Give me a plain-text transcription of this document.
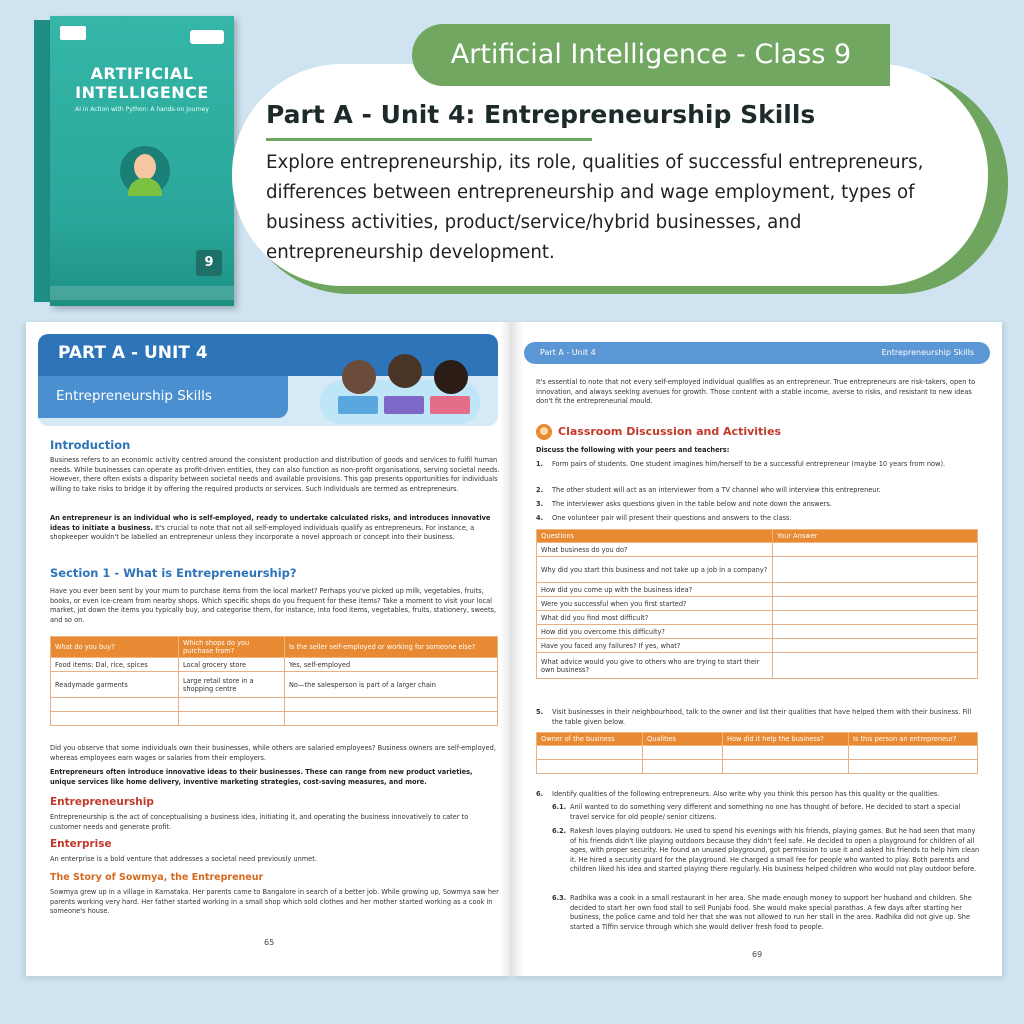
ARTIFICIAL INTELLIGENCE
AI in Action with Python: A hands-on Journey
9
Artificial Intelligence - Class 9
Part A - Unit 4: Entrepreneurship Skills
Explore entrepreneurship, its role, qualities of successful entrepreneurs, differences between entrepreneurship and wage employment, types of business activities, product/service/hybrid businesses, and entrepreneurship development.
PART A - UNIT 4
Entrepreneurship Skills
Introduction
Business refers to an economic activity centred around the consistent production and distribution of goods and services to fulfil human needs. While businesses can operate as profit-driven entities, they can also function as non-profit organisations, serving societal needs. However, there often exists a disparity between societal needs and available provisions. This gap presents opportunities for individuals willing to take risks to bridge it by offering the required products or services. Such individuals are termed as entrepreneurs.
An entrepreneur is an individual who is self-employed, ready to undertake calculated risks, and introduces innovative ideas to initiate a business. It's crucial to note that not all self-employed individuals qualify as entrepreneurs. For instance, a shopkeeper wouldn't be labelled an entrepreneur unless they incorporate a novel approach or concept into their business.
Section 1 - What is Entrepreneurship?
Have you ever been sent by your mum to purchase items from the local market? Perhaps you've picked up milk, vegetables, fruits, books, or even ice-cream from nearby shops. Which specific shops do you frequent for these items? Take a moment to visit your local market, jot down the items you typically buy, and categorise them, for instance, into food items, vegetables, fruits, stationery, sweets, and so on.
What do you buy?	Which shops do you purchase from?	Is the seller self-employed or working for someone else?
Food items: Dal, rice, spices	Local grocery store	Yes, self-employed
Readymade garments	Large retail store in a shopping centre	No—the salesperson is part of a larger chain

Did you observe that some individuals own their businesses, while others are salaried employees? Business owners are self-employed, whereas employees earn wages or salaries from their employers.
Entrepreneurs often introduce innovative ideas to their businesses. These can range from new product varieties, unique services like home delivery, inventive marketing strategies, cost-saving measures, and more.
Entrepreneurship
Entrepreneurship is the act of conceptualising a business idea, initiating it, and operating the business innovatively to cater to customer needs and generate profit.
Enterprise
An enterprise is a bold venture that addresses a societal need previously unmet.
The Story of Sowmya, the Entrepreneur
Sowmya grew up in a village in Karnataka. Her parents came to Bangalore in search of a better job. While growing up, Sowmya saw her parents working very hard. Her father started working in a small shop which sold clothes and her mother started working as a cook in someone's house.
65
Part A - Unit 4	Entrepreneurship Skills
It's essential to note that not every self-employed individual qualifies as an entrepreneur. True entrepreneurs are risk-takers, open to innovation, and always seeking avenues for growth. Those content with a stable income, averse to risks, and resistant to new ideas don't fit the entrepreneurial mould.
Classroom Discussion and Activities
Discuss the following with your peers and teachers:
1. Form pairs of students. One student imagines him/herself to be a successful entrepreneur (maybe 10 years from now).
2. The other student will act as an interviewer from a TV channel who will interview this entrepreneur.
3. The interviewer asks questions given in the table below and note down the answers.
4. One volunteer pair will present their questions and answers to the class.
Questions	Your Answer
What business do you do?	
Why did you start this business and not take up a job in a company?	
How did you come up with the business idea?	
Were you successful when you first started?	
What did you find most difficult?	
How did you overcome this difficulty?	
Have you faced any failures? If yes, what?	
What advice would you give to others who are trying to start their own business?	
5. Visit businesses in their neighbourhood, talk to the owner and list their qualities that have helped them with their business. Fill the table given below.
Owner of the business	Qualities	How did it help the business?	Is this person an entrepreneur?

6. Identify qualities of the following entrepreneurs. Also write why you think this person has this quality or the qualities.
6.1. Anil wanted to do something very different and something no one has thought of before. He decided to start a special travel service for old people/ senior citizens.
6.2. Rakesh loves playing outdoors. He used to spend his evenings with his friends, playing games. But he had seen that many of his friends didn't like playing outdoors because they didn't feel safe. He decided to open a playground for children of all ages, with proper security. He found an unused playground, got permission to use it and asked his friends to help him clean it. He hired a security guard for the playground. He charged a small fee for people who wanted to play. Both parents and children liked his idea and started playing there regularly. His business helped children who would not play outdoor before.
6.3. Radhika was a cook in a small restaurant in her area. She made enough money to support her husband and children. She decided to start her own food stall to sell Punjabi food. She would make special parathas. A few days after starting her business, the police came and told her that she was not allowed to run her stall in the area. Radhika did not give up. She started a Tiffin service through which she would deliver fresh food to people.
69
